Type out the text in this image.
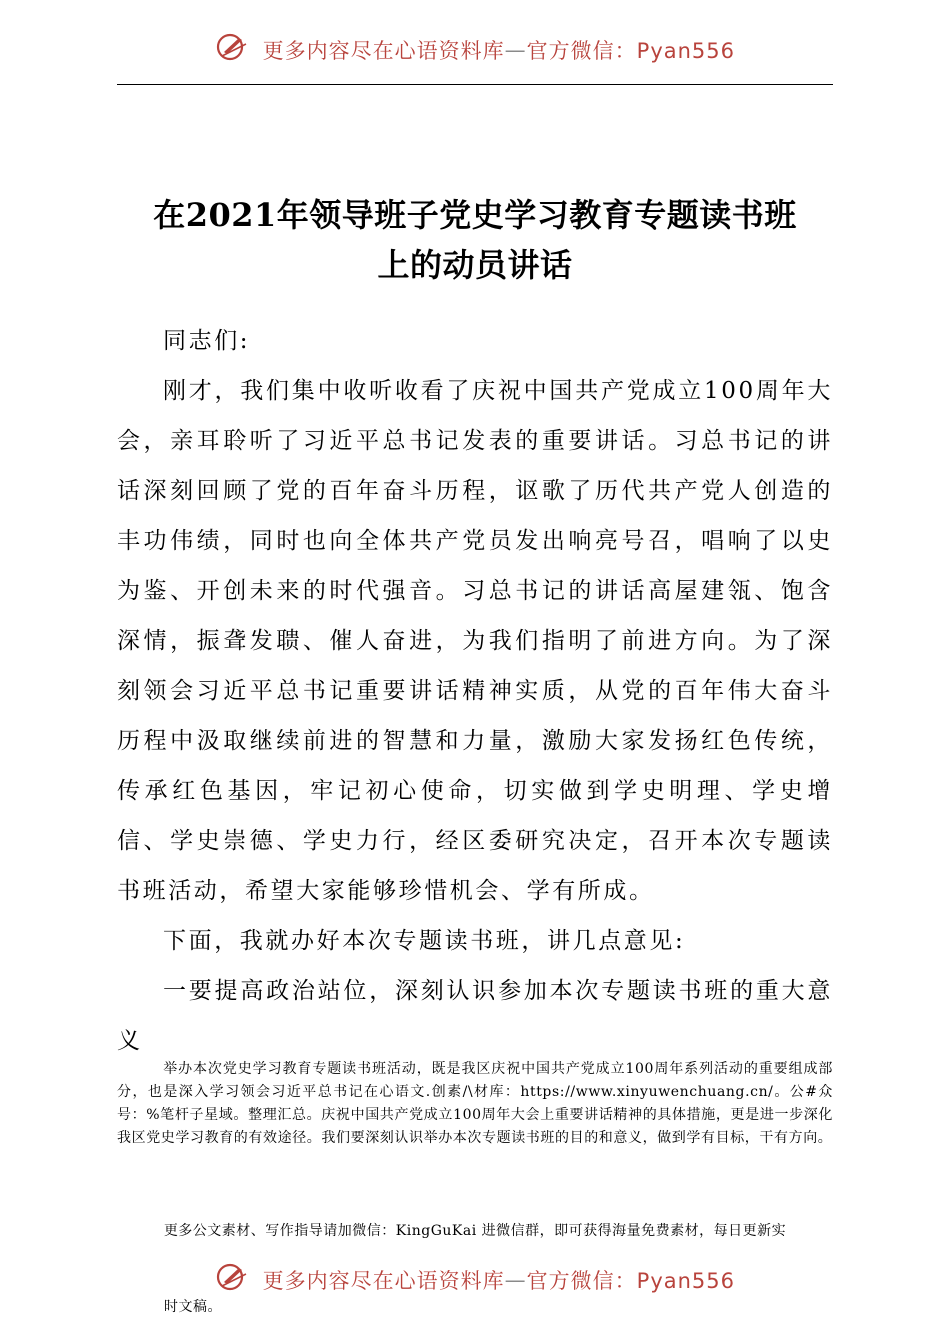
更多内容尽在心语资料库—官方微信：Pyan556
在2021年领导班子党史学习教育专题读书班
上的动员讲话

同志们:

刚才，我们集中收听收看了庆祝中国共产党成立100周年大会，亲耳聆听了习近平总书记发表的重要讲话。习总书记的讲话深刻回顾了党的百年奋斗历程，讴歌了历代共产党人创造的丰功伟绩，同时也向全体共产党员发出响亮号召，唱响了以史为鉴、开创未来的时代强音。习总书记的讲话高屋建瓴、饱含深情，振聋发聩、催人奋进，为我们指明了前进方向。为了深刻领会习近平总书记重要讲话精神实质，从党的百年伟大奋斗历程中汲取继续前进的智慧和力量，激励大家发扬红色传统，传承红色基因，牢记初心使命，切实做到学史明理、学史增信、学史崇德、学史力行，经区委研究决定，召开本次专题读书班活动，希望大家能够珍惜机会、学有所成。

下面，我就办好本次专题读书班，讲几点意见:

一要提高政治站位，深刻认识参加本次专题读书班的重大意义

举办本次党史学习教育专题读书班活动，既是我区庆祝中国共产党成立100周年系列活动的重要组成部分，也是深入学习领会习近平总书记在心语文.创素/\材库：https://www.xinyuwenchuang.cn/。公#众号：%笔杆子星域。整理汇总。庆祝中国共产党成立100周年大会上重要讲话精神的具体措施，更是进一步深化我区党史学习教育的有效途径。我们要深刻认识举办本次专题读书班的目的和意义，做到学有目标，干有方向。
更多公文素材、写作指导请加微信：KingGuKai 进微信群，即可获得海量免费素材，每日更新实
更多内容尽在心语资料库—官方微信：Pyan556
时文稿。
